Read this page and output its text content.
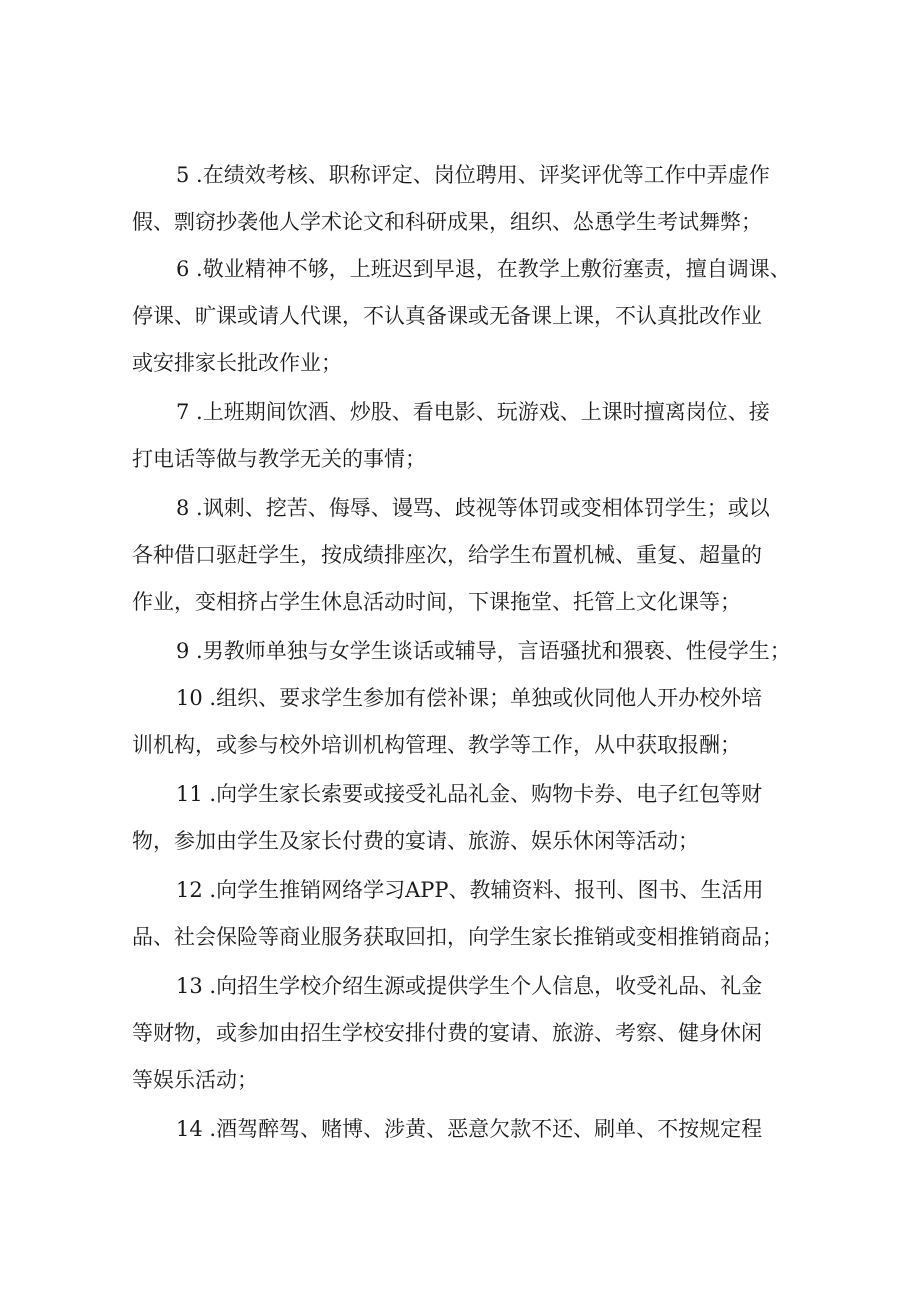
5 .在绩效考核、职称评定、岗位聘用、评奖评优等工作中弄虚作
假、剽窃抄袭他人学术论文和科研成果，组织、怂恿学生考试舞弊；
6 .敬业精神不够，上班迟到早退，在教学上敷衍塞责，擅自调课、
停课、旷课或请人代课，不认真备课或无备课上课，不认真批改作业
或安排家长批改作业；
7 .上班期间饮酒、炒股、看电影、玩游戏、上课时擅离岗位、接
打电话等做与教学无关的事情；
8 .讽刺、挖苦、侮辱、谩骂、歧视等体罚或变相体罚学生；或以
各种借口驱赶学生，按成绩排座次，给学生布置机械、重复、超量的
作业，变相挤占学生休息活动时间，下课拖堂、托管上文化课等；
9 .男教师单独与女学生谈话或辅导，言语骚扰和猥亵、性侵学生；
10 .组织、要求学生参加有偿补课；单独或伙同他人开办校外培
训机构，或参与校外培训机构管理、教学等工作，从中获取报酬；
11 .向学生家长索要或接受礼品礼金、购物卡券、电子红包等财
物，参加由学生及家长付费的宴请、旅游、娱乐休闲等活动；
12 .向学生推销网络学习APP、教辅资料、报刊、图书、生活用
品、社会保险等商业服务获取回扣，向学生家长推销或变相推销商品；
13 .向招生学校介绍生源或提供学生个人信息，收受礼品、礼金
等财物，或参加由招生学校安排付费的宴请、旅游、考察、健身休闲
等娱乐活动；
14 .酒驾醉驾、赌博、涉黄、恶意欠款不还、刷单、不按规定程
